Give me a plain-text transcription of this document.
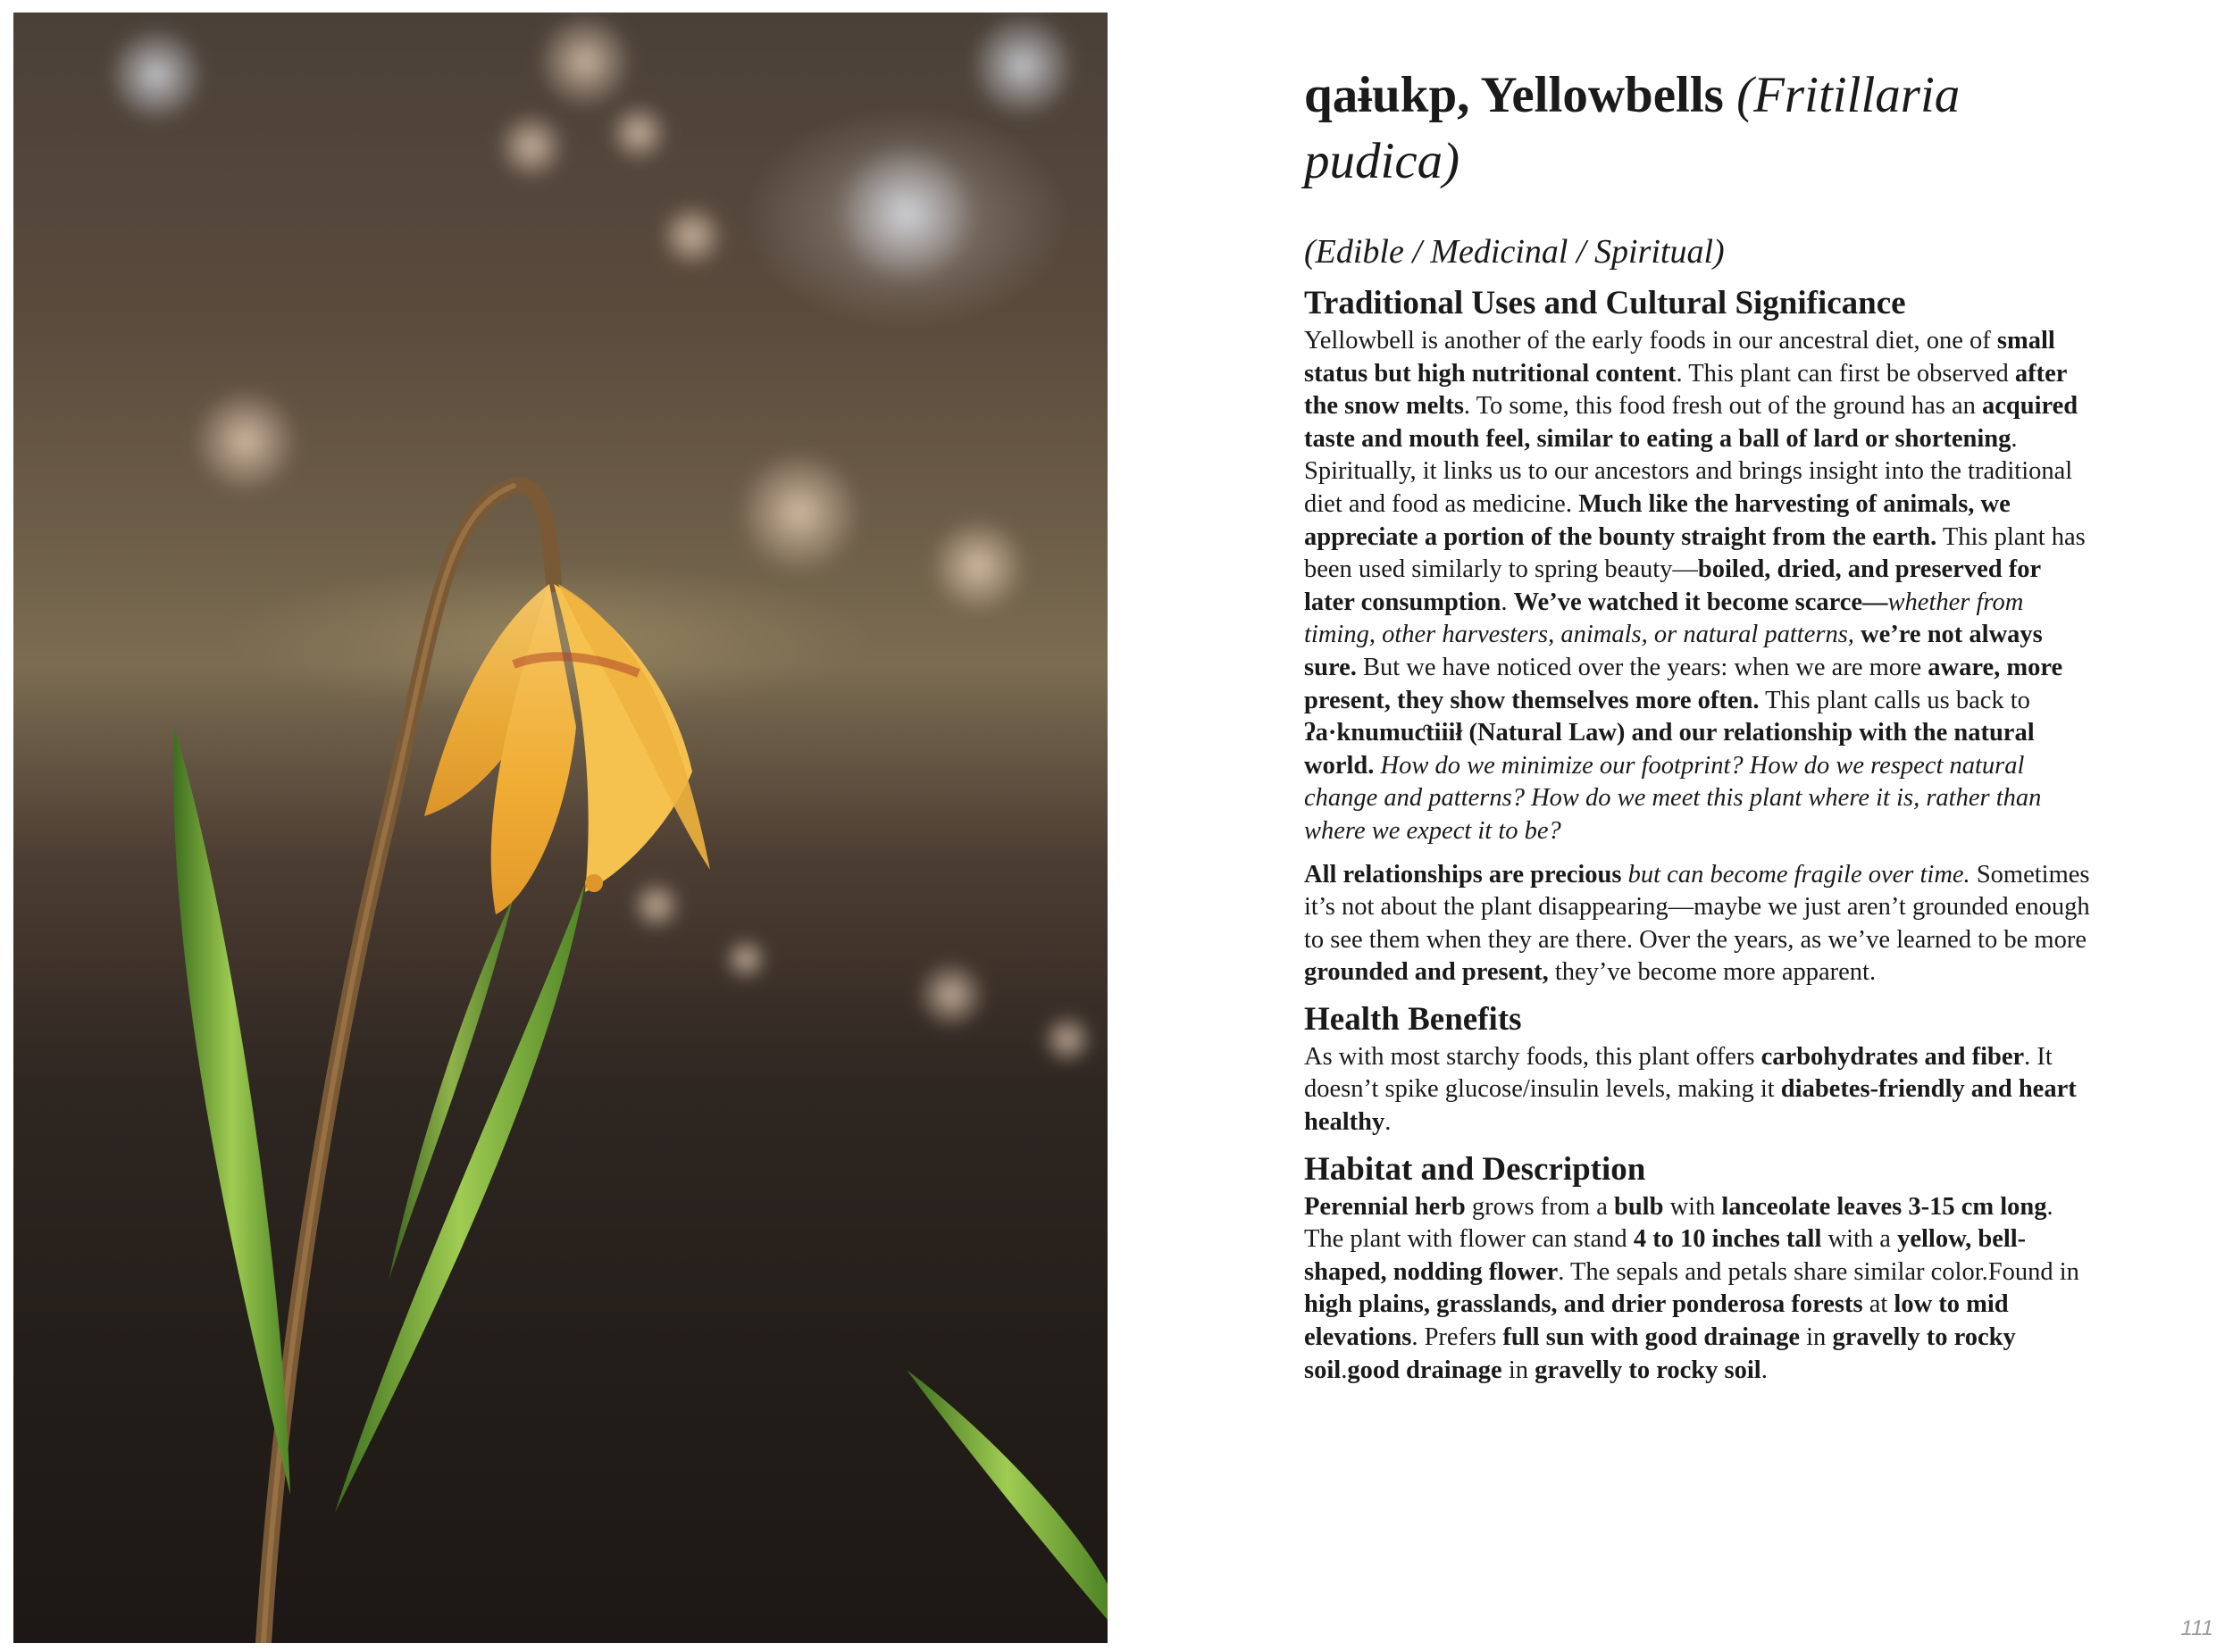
qaɨukp, Yellowbells (Fritillaria pudica)
(Edible / Medicinal / Spiritual)
Traditional Uses and Cultural Significance

Yellowbell is another of the early foods in our ancestral diet, one of small status but high nutritional content. This plant can first be observed after the snow melts. To some, this food fresh out of the ground has an acquired taste and mouth feel, similar to eating a ball of lard or shortening. Spiritually, it links us to our ancestors and brings insight into the traditional diet and food as medicine. Much like the harvesting of animals, we appreciate a portion of the bounty straight from the earth. This plant has been used similarly to spring beauty—boiled, dried, and preserved for later consumption. We’ve watched it become scarce—whether from timing, other harvesters, animals, or natural patterns, we’re not always sure. But we have noticed over the years: when we are more aware, more present, they show themselves more often. This plant calls us back to ʔa·knumuƈtiiił (Natural Law) and our relationship with the natural world. How do we minimize our footprint? How do we respect natural change and patterns? How do we meet this plant where it is, rather than where we expect it to be?

All relationships are precious but can become fragile over time. Sometimes it’s not about the plant disappearing—maybe we just aren’t grounded enough to see them when they are there. Over the years, as we’ve learned to be more grounded and present, they’ve become more apparent.

Health Benefits

As with most starchy foods, this plant offers carbohydrates and fiber. It doesn’t spike glucose/insulin levels, making it diabetes-friendly and heart healthy.

Habitat and Description

Perennial herb grows from a bulb with lanceolate leaves 3-15 cm long. The plant with flower can stand 4 to 10 inches tall with a yellow, bell-shaped, nodding flower. The sepals and petals share similar color.Found in high plains, grasslands, and drier ponderosa forests at low to mid elevations. Prefers full sun with good drainage in gravelly to rocky soil.good drainage in gravelly to rocky soil.

111
